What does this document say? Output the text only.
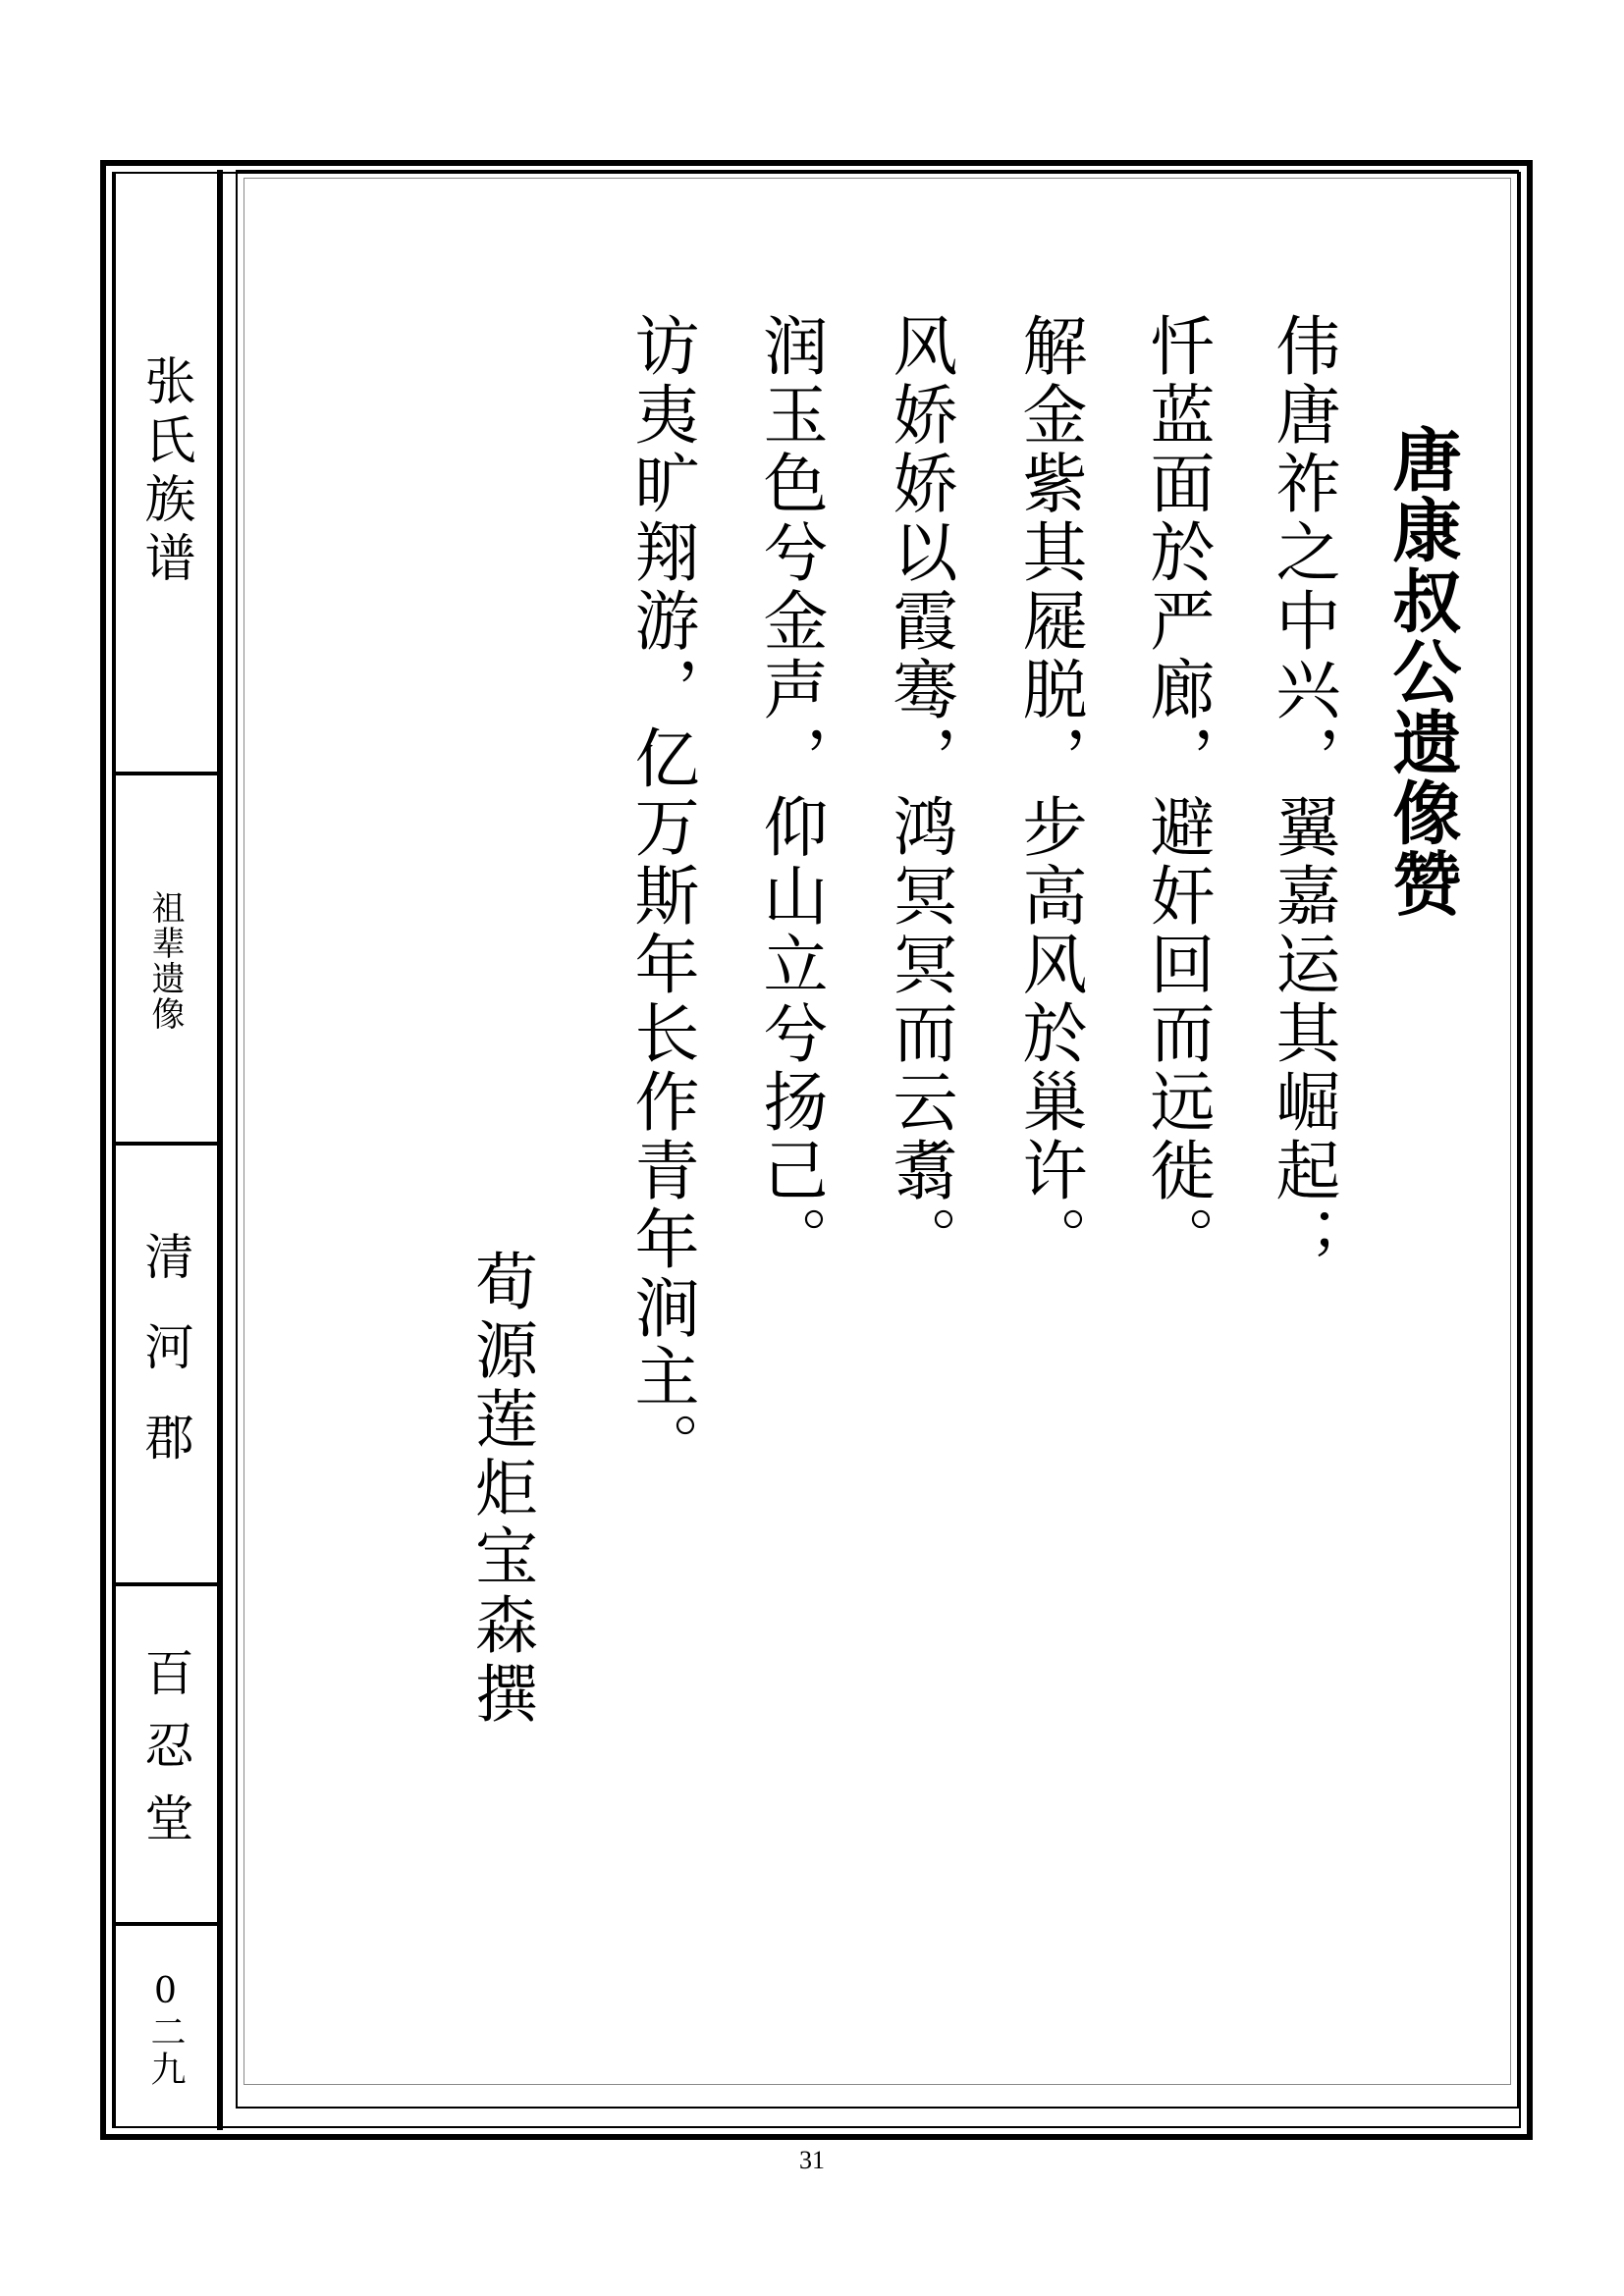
张氏族谱
祖辈遗像
清河郡
百忍堂
0二九
唐康叔公遗像赞
伟唐祚之中兴，翼嘉运其崛起；
忏蓝面於严廊，避奸回而远徙。
解金紫其屣脱，步高风於巢许。
风娇娇以霞骞，鸿冥冥而云翥。
润玉色兮金声，仰山立兮扬己。
访夷旷翔游，亿万斯年长作青年涧主。
荀源莲炬宝森撰
31
